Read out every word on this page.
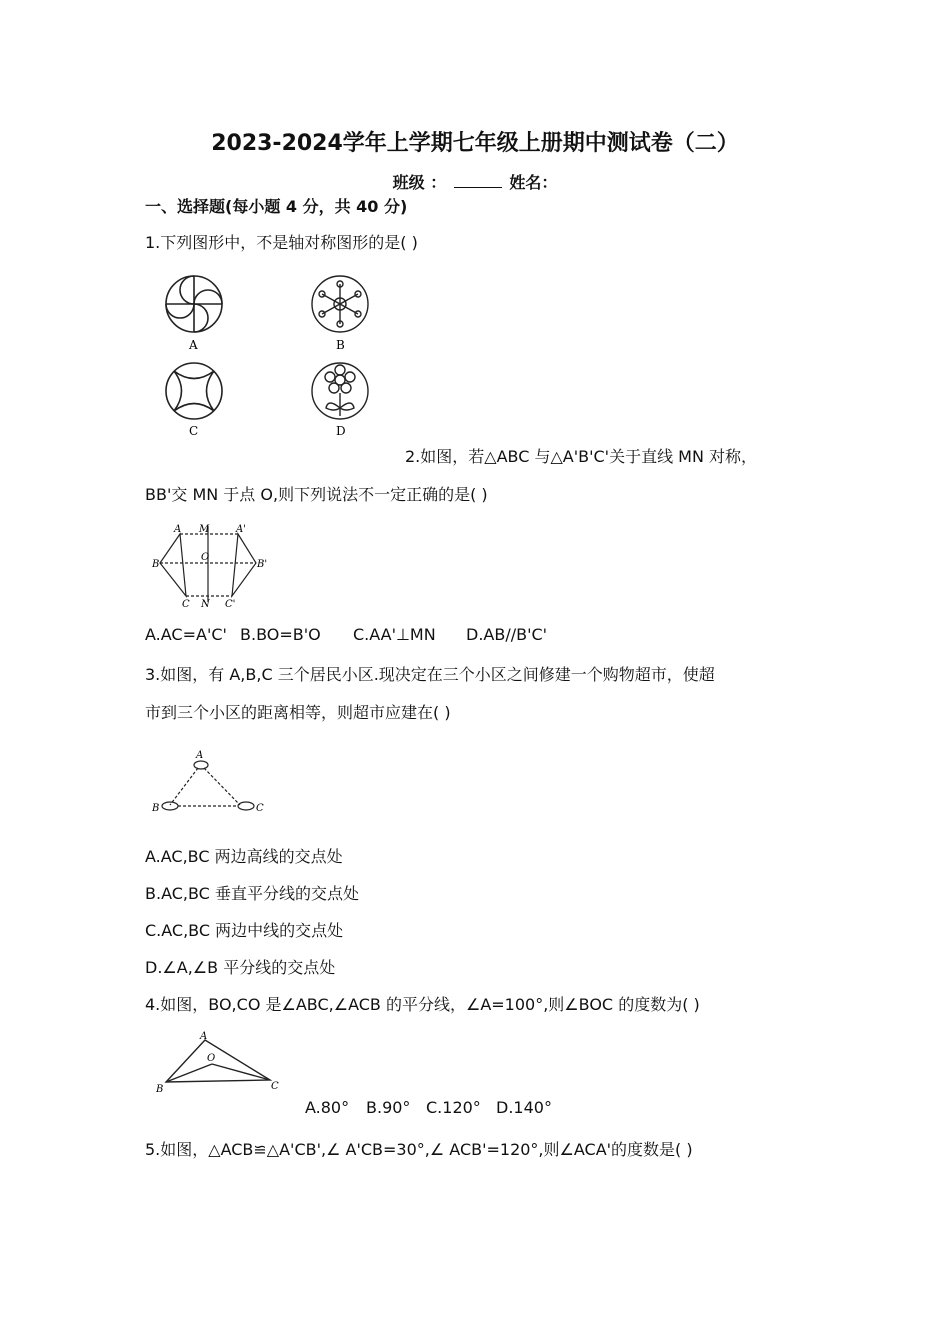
2023-2024学年上学期七年级上册期中测试卷（二）
班级 ：	姓名：
一、选择题(每小题 4 分，共 40 分)
1.下列图形中，不是轴对称图形的是( )
A	B
C	D
2.如图，若△ABC 与△A'B'C'关于直线 MN 对称，
BB'交 MN 于点 O,则下列说法不一定正确的是( )
A M	A'
B
O
B'
C N C'
A.AC=A'C' B.BO=B'O C.AA'⊥MN D.AB//B'C'
3.如图，有 A,B,C 三个居民小区.现决定在三个小区之间修建一个购物超市，使超
市到三个小区的距离相等，则超市应建在( )
A
B	C
A.AC,BC 两边高线的交点处
B.AC,BC 垂直平分线的交点处
C.AC,BC 两边中线的交点处
D.∠A,∠B 平分线的交点处
4.如图，BO,CO 是∠ABC,∠ACB 的平分线，∠A=100°,则∠BOC 的度数为( )
A
O
B	C
A.80° B.90° C.120° D.140°
5.如图，△ACB≌△A'CB',∠ A'CB=30°,∠ ACB'=120°,则∠ACA'的度数是( )
